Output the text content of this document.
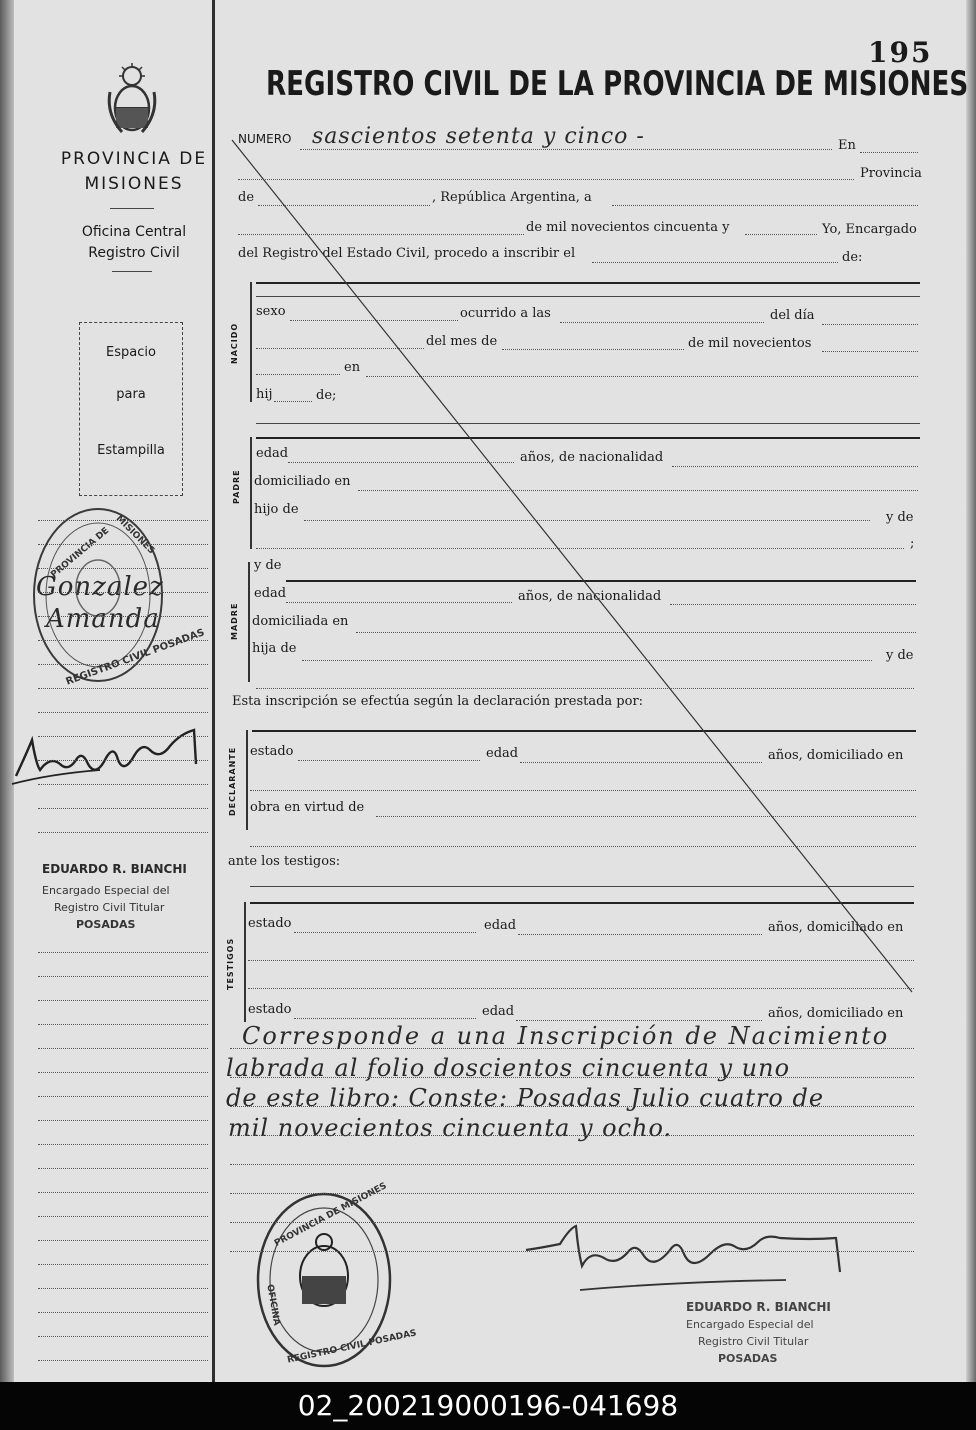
195
REGISTRO CIVIL DE LA PROVINCIA DE MISIONES
PROVINCIA DE MISIONES
Oficina Central
Registro Civil
Espacio
para
Estampilla
MISIONES
PROVINCIA DE
REGISTRO CIVIL POSADAS
Gonzalez
Amanda
EDUARDO R. BIANCHI
Encargado Especial del
Registro Civil Titular
POSADAS
NUMERO sascientos setenta y cinco -	En
Provincia
de	, República Argentina, a
de mil novecientos cincuenta y	Yo, Encargado
del Registro del Estado Civil, procedo a inscribir el	de:
NACIDO
sexo	ocurrido a las	del día
del mes de	de mil novecientos
en
hij	de;
PADRE
edad	años, de nacionalidad
domiciliado en
hijo de
y de
;
MADRE
y de
edad	años, de nacionalidad
domiciliada en
hija de	y de
Esta inscripción se efectúa según la declaración prestada por:
DECLARANTE estado	edad	años, domiciliado en
obra en virtud de
ante los testigos:
TESTIGOS
estado	edad	años, domiciliado en
estado	edad	años, domiciliado en
Corresponde a una Inscripción de Nacimiento
labrada al folio doscientos cincuenta y uno
de este libro: Conste: Posadas Julio cuatro de
mil novecientos cincuenta y ocho.
PROVINCIA DE MISIONES
OFICINA
REGISTRO CIVIL POSADAS
EDUARDO R. BIANCHI
Encargado Especial del
Registro Civil Titular
POSADAS
02_200219000196-041698
